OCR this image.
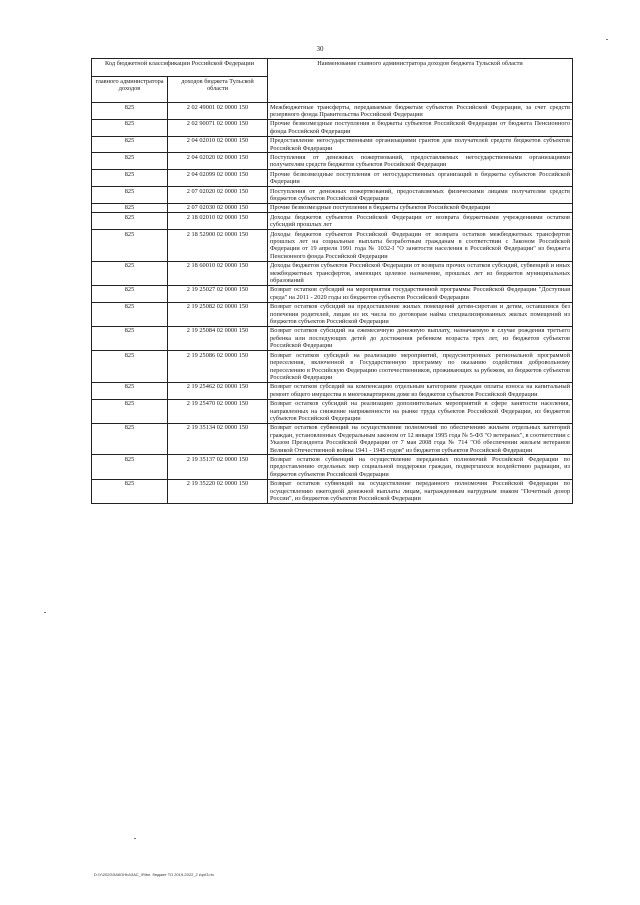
30
Код бюджетной классификации Российской Федерации		Наименование главного администратора доходов бюджета Тульской области
главного администратора доходов	доходов бюджета Тульской области	
825	2 02 49001 02 0000 150	Межбюджетные трансферты, передаваемые бюджетам субъектов Российской Федерации, за счет средств резервного фонда Правительства Российской Федерации
825	2 02 90071 02 0000 150	Прочие безвозмездные поступления в бюджеты субъектов Российской Федерации от бюджета Пенсионного фонда Российской Федерации
825	2 04 02010 02 0000 150	Предоставление негосударственными организациями грантов для получателей средств бюджетов субъектов Российской Федерации
825	2 04 02020 02 0000 150	Поступления от денежных пожертвований, предоставляемых негосударственными организациями получателям средств бюджетов субъектов Российской Федерации
825	2 04 02099 02 0000 150	Прочие безвозмездные поступления от негосударственных организаций в бюджеты субъектов Российской Федерации
825	2 07 02020 02 0000 150	Поступления от денежных пожертвований, предоставляемых физическими лицами получателям средств бюджетов субъектов Российской Федерации
825	2 07 02030 02 0000 150	Прочие безвозмездные поступления в бюджеты субъектов Российской Федерации
825	2 18 02010 02 0000 150	Доходы бюджетов субъектов Российской Федерации от возврата бюджетными учреждениями остатков субсидий прошлых лет
825	2 18 52900 02 0000 150	Доходы бюджетов субъектов Российской Федерации от возврата остатков межбюджетных трансфертов прошлых лет на социальные выплаты безработным гражданам в соответствии с Законом Российской Федерации от 19 апреля 1991 года № 1032-I "О занятости населения в Российской Федерации" из бюджета Пенсионного фонда Российской Федерации
825	2 18 60010 02 0000 150	Доходы бюджетов субъектов Российской Федерации от возврата прочих остатков субсидий, субвенций и иных межбюджетных трансфертов, имеющих целевое назначение, прошлых лет из бюджетов муниципальных образований
825	2 19 25027 02 0000 150	Возврат остатков субсидий на мероприятия государственной программы Российской Федерации "Доступная среда" на 2011 - 2020 годы из бюджетов субъектов Российской Федерации
825	2 19 25082 02 0000 150	Возврат остатков субсидий на предоставление жилых помещений детям-сиротам и детям, оставшимся без попечения родителей, лицам из их числа по договорам найма специализированных жилых помещений из бюджетов субъектов Российской Федерации
825	2 19 25084 02 0000 150	Возврат остатков субсидий на ежемесячную денежную выплату, назначаемую в случае рождения третьего ребенка или последующих детей до достижения ребенком возраста трех лет, из бюджетов субъектов Российской Федерации
825	2 19 25086 02 0000 150	Возврат остатков субсидий на реализацию мероприятий, предусмотренных региональной программой переселения, включенной в Государственную программу по оказанию содействия добровольному переселению в Российскую Федерацию соотечественников, проживающих за рубежом, из бюджетов субъектов Российской Федерации
825	2 19 25462 02 0000 150	Возврат остатков субсидий на компенсацию отдельным категориям граждан оплаты взноса на капитальный ремонт общего имущества в многоквартирном доме из бюджетов субъектов Российской Федерации
825	2 19 25470 02 0000 150	Возврат остатков субсидий на реализацию дополнительных мероприятий в сфере занятости населения, направленных на снижение напряженности на рынке труда субъектов Российской Федерации, из бюджетов субъектов Российской Федерации
825	2 19 35134 02 0000 150	Возврат остатков субвенций на осуществление полномочий по обеспечению жильем отдельных категорий граждан, установленных Федеральным законом от 12 января 1995 года № 5-ФЗ "О ветеранах", в соответствии с Указом Президента Российской Федерации от 7 мая 2008 года № 714 "Об обеспечении жильем ветеранов Великой Отечественной войны 1941 - 1945 годов" из бюджетов субъектов Российской Федерации
825	2 19 35137 02 0000 150	Возврат остатков субвенций на осуществление переданных полномочий Российской Федерации по предоставлению отдельных мер социальной поддержки граждан, подвергшихся воздействию радиации, из бюджетов субъектов Российской Федерации
825	2 19 35220 02 0000 150	Возврат остатков субвенций на осуществление переданного полномочия Российской Федерации по осуществлению ежегодной денежной выплаты лицам, награжденным нагрудным знаком "Почетный донор России", из бюджетов субъектов Российской Федерации
D:\У\2020\ЗАКОНЫ\ЗАС_\Ribe. бюджет ТО 2019-2022_2 к\prl3.rtx
